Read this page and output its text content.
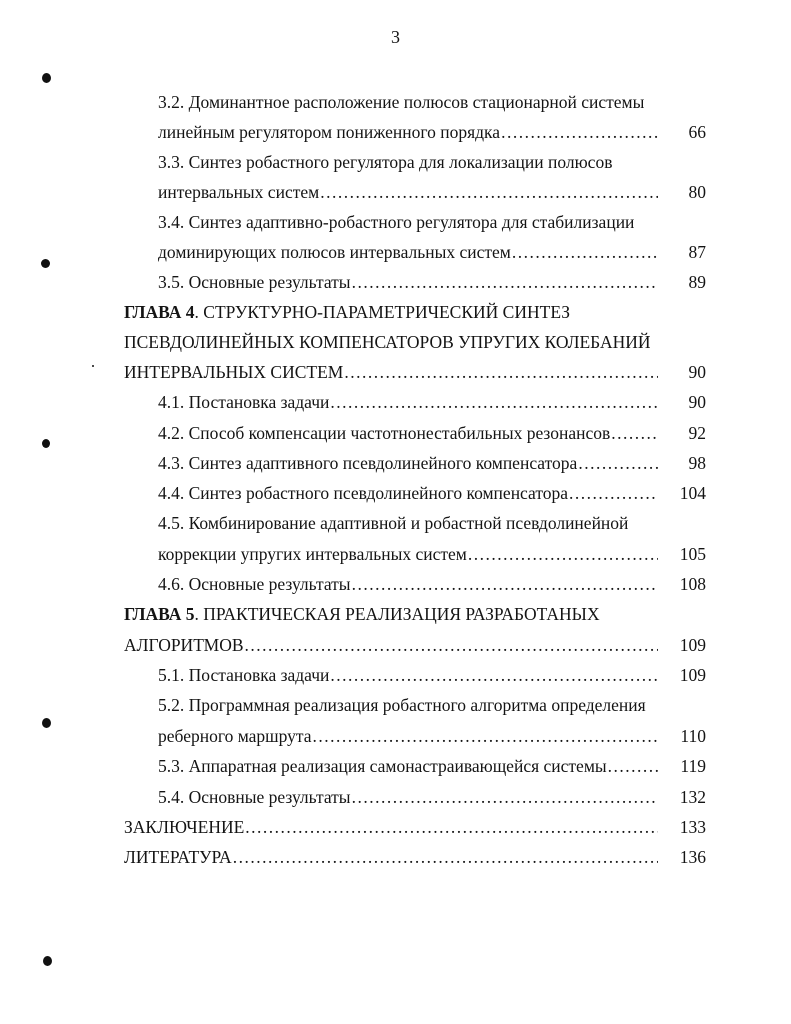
3
3.2. Доминантное расположение полюсов стационарной системы
линейным регулятором пониженного порядка .....	66
3.3. Синтез робастного регулятора для локализации полюсов
интервальных систем .....	80
3.4. Синтез адаптивно-робастного регулятора для стабилизации
доминирующих полюсов интервальных систем .....	87
3.5. Основные результаты .....	89
ГЛАВА 4. СТРУКТУРНО-ПАРАМЕТРИЧЕСКИЙ СИНТЕЗ
ПСЕВДОЛИНЕЙНЫХ КОМПЕНСАТОРОВ УПРУГИХ КОЛЕБАНИЙ
ИНТЕРВАЛЬНЫХ СИСТЕМ .....	90
4.1. Постановка задачи .....	90
4.2. Способ компенсации частотнонестабильных резонансов .....	92
4.3. Синтез адаптивного псевдолинейного компенсатора .....	98
4.4. Синтез робастного псевдолинейного компенсатора .....	104
4.5. Комбинирование адаптивной и робастной псевдолинейной
коррекции упругих интервальных систем .....	105
4.6. Основные результаты .....	108
ГЛАВА 5. ПРАКТИЧЕСКАЯ РЕАЛИЗАЦИЯ РАЗРАБОТАНЫХ
АЛГОРИТМОВ .....	109
5.1. Постановка задачи .....	109
5.2. Программная реализация робастного алгоритма определения
реберного маршрута .....	110
5.3. Аппаратная реализация самонастраивающейся системы .....	119
5.4. Основные результаты .....	132
ЗАКЛЮЧЕНИЕ .....	133
ЛИТЕРАТУРА .....	136
